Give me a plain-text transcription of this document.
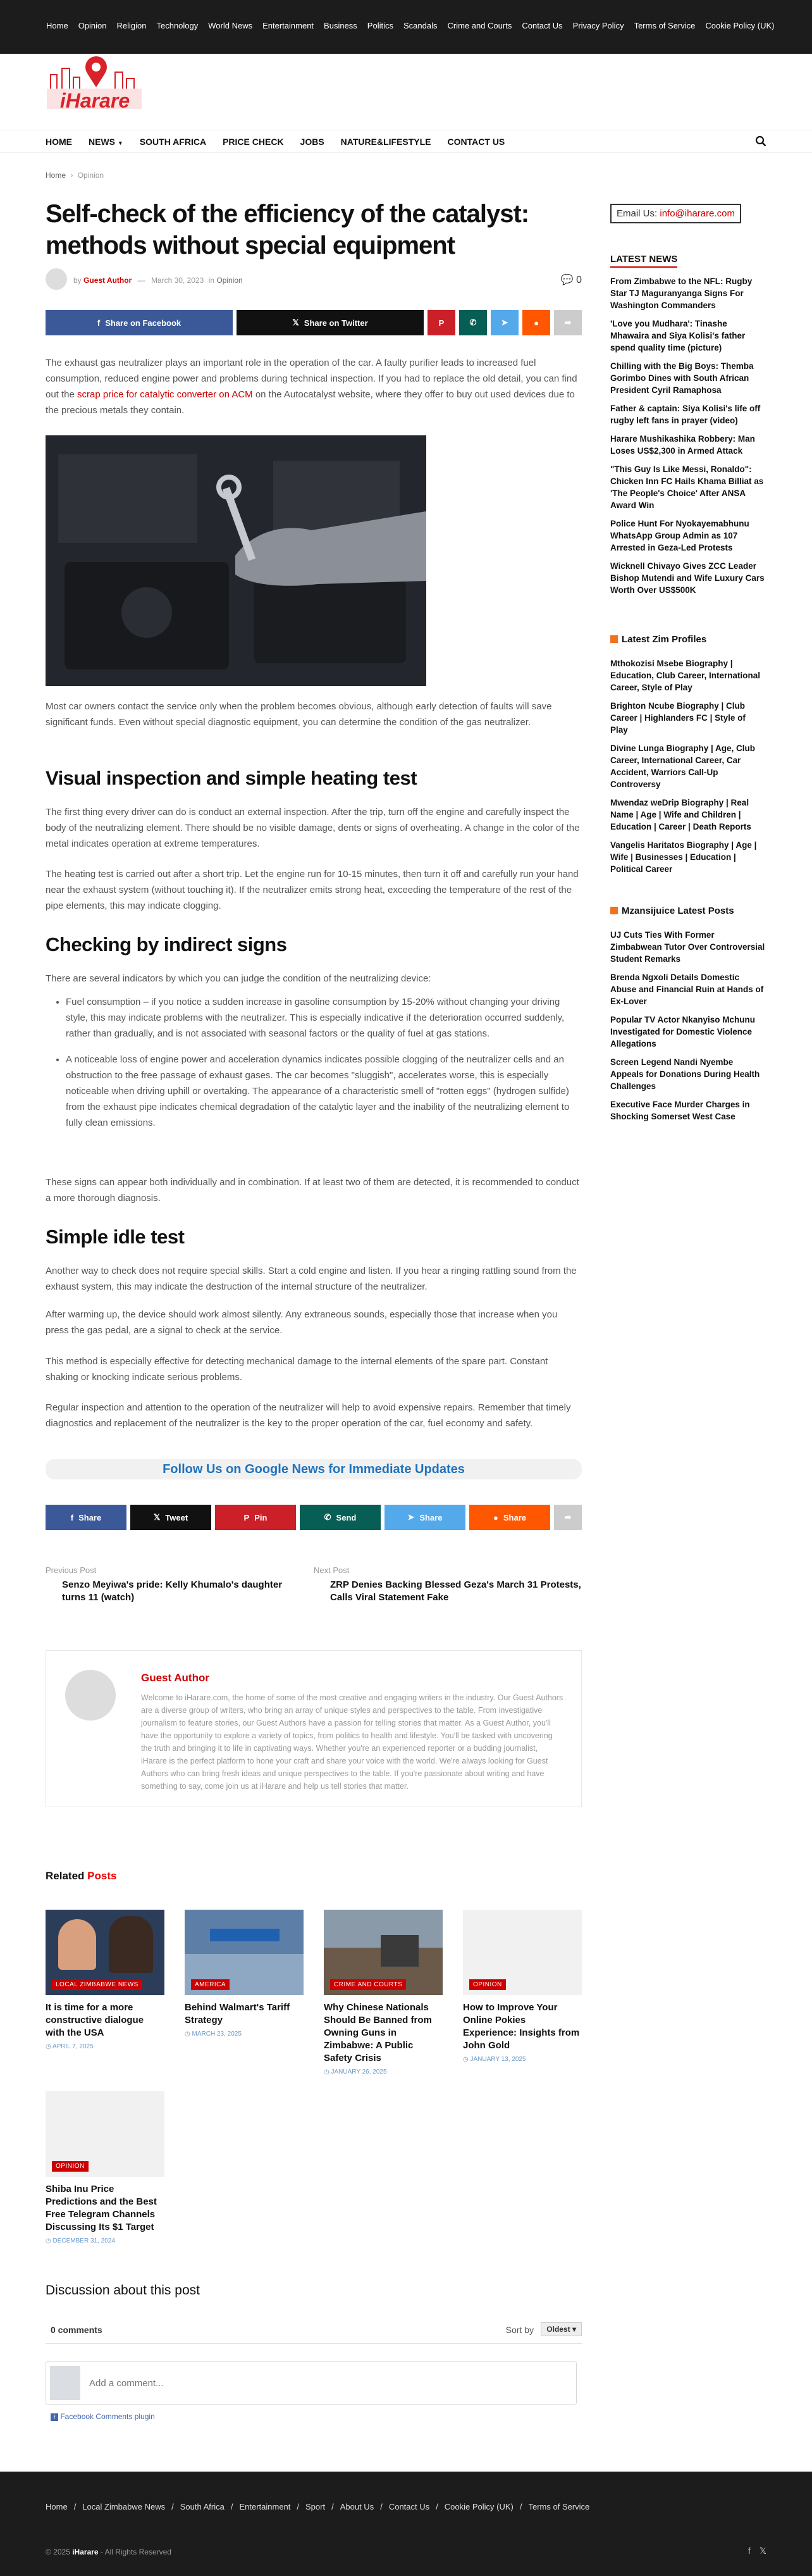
Home Opinion Religion Technology World News Entertainment Business Politics Scandals Crime and Courts Contact Us Privacy Policy Terms of Service Cookie Policy (UK)
iHarare
HOME NEWS ▼ SOUTH AFRICA PRICE CHECK JOBS NATURE&LIFESTYLE CONTACT US
Home › Opinion
Self-check of the efficiency of the catalyst: methods without special equipment
by Guest Author — March 30, 2023 in Opinion	💬 0
f Share on Facebook	𝕏 Share on Twitter	P	✆	➤	●	➦

The exhaust gas neutralizer plays an important role in the operation of the car. A faulty purifier leads to increased fuel consumption, reduced engine power and problems during technical inspection. If you had to replace the old detail, you can find out the scrap price for catalytic converter on ACM on the Autocatalyst website, where they offer to buy out used devices due to the precious metals they contain.

Most car owners contact the service only when the problem becomes obvious, although early detection of faults will save significant funds. Even without special diagnostic equipment, you can determine the condition of the gas neutralizer.

Visual inspection and simple heating test

The first thing every driver can do is conduct an external inspection. After the trip, turn off the engine and carefully inspect the body of the neutralizing element. There should be no visible damage, dents or signs of overheating. A change in the color of the metal indicates operation at extreme temperatures.

The heating test is carried out after a short trip. Let the engine run for 10-15 minutes, then turn it off and carefully run your hand near the exhaust system (without touching it). If the neutralizer emits strong heat, exceeding the temperature of the rest of the pipe elements, this may indicate clogging.

Checking by indirect signs

There are several indicators by which you can judge the condition of the neutralizing device:

• Fuel consumption – if you notice a sudden increase in gasoline consumption by 15-20% without changing your driving style, this may indicate problems with the neutralizer. This is especially indicative if the deterioration occurred suddenly, rather than gradually, and is not associated with seasonal factors or the quality of fuel at gas stations.
• A noticeable loss of engine power and acceleration dynamics indicates possible clogging of the neutralizer cells and an obstruction to the free passage of exhaust gases. The car becomes "sluggish", accelerates worse, this is especially noticeable when driving uphill or overtaking. The appearance of a characteristic smell of "rotten eggs" (hydrogen sulfide) from the exhaust pipe indicates chemical degradation of the catalytic layer and the inability of the neutralizing element to fully clean emissions.

These signs can appear both individually and in combination. If at least two of them are detected, it is recommended to conduct a more thorough diagnosis.

Simple idle test

Another way to check does not require special skills. Start a cold engine and listen. If you hear a ringing rattling sound from the exhaust system, this may indicate the destruction of the internal structure of the neutralizer.

After warming up, the device should work almost silently. Any extraneous sounds, especially those that increase when you press the gas pedal, are a signal to check at the service.

This method is especially effective for detecting mechanical damage to the internal elements of the spare part. Constant shaking or knocking indicate serious problems.

Regular inspection and attention to the operation of the neutralizer will help to avoid expensive repairs. Remember that timely diagnostics and replacement of the neutralizer is the key to the proper operation of the car, fuel economy and safety.

Follow Us on Google News for Immediate Updates
f Share	𝕏 Tweet	P Pin	✆ Send	➤ Share	● Share	➦
Previous Post
Senzo Meyiwa's pride: Kelly Khumalo's daughter turns 11 (watch)
Next Post
ZRP Denies Backing Blessed Geza's March 31 Protests, Calls Viral Statement Fake
Guest Author
Welcome to iHarare.com, the home of some of the most creative and engaging writers in the industry. Our Guest Authors are a diverse group of writers, who bring an array of unique styles and perspectives to the table. From investigative journalism to feature stories, our Guest Authors have a passion for telling stories that matter. As a Guest Author, you'll have the opportunity to explore a variety of topics, from politics to health and lifestyle. You'll be tasked with uncovering the truth and bringing it to life in captivating ways. Whether you're an experienced reporter or a budding journalist, iHarare is the perfect platform to hone your craft and share your voice with the world. We're always looking for Guest Authors who can bring fresh ideas and unique perspectives to the table. If you're passionate about writing and have something to say, come join us at iHarare and help us tell stories that matter.
Related Posts
LOCAL ZIMBABWE NEWS
It is time for a more constructive dialogue with the USA
◷ APRIL 7, 2025
AMERICA
Behind Walmart's Tariff Strategy
◷ MARCH 23, 2025
CRIME AND COURTS
Why Chinese Nationals Should Be Banned from Owning Guns in Zimbabwe: A Public Safety Crisis
◷ JANUARY 26, 2025
OPINION
How to Improve Your Online Pokies Experience: Insights from John Gold
◷ JANUARY 13, 2025
OPINION
Shiba Inu Price Predictions and the Best Free Telegram Channels Discussing Its $1 Target
◷ DECEMBER 31, 2024
Discussion about this post
0 comments	Sort by	Oldest ▾
Add a comment...
f Facebook Comments plugin
Email Us: info@iharare.com LATEST NEWS
From Zimbabwe to the NFL: Rugby Star TJ Maguranyanga Signs For Washington Commanders
'Love you Mudhara': Tinashe Mhawaira and Siya Kolisi's father spend quality time (picture)
Chilling with the Big Boys: Themba Gorimbo Dines with South African President Cyril Ramaphosa
Father & captain: Siya Kolisi's life off rugby left fans in prayer (video)
Harare Mushikashika Robbery: Man Loses US$2,300 in Armed Attack
"This Guy Is Like Messi, Ronaldo": Chicken Inn FC Hails Khama Billiat as 'The People's Choice' After ANSA Award Win
Police Hunt For Nyokayemabhunu WhatsApp Group Admin as 107 Arrested in Geza-Led Protests
Wicknell Chivayo Gives ZCC Leader Bishop Mutendi and Wife Luxury Cars Worth Over US$500K
Latest Zim Profiles
Mthokozisi Msebe Biography | Education, Club Career, International Career, Style of Play
Brighton Ncube Biography | Club Career | Highlanders FC | Style of Play
Divine Lunga Biography | Age, Club Career, International Career, Car Accident, Warriors Call-Up Controversy
Mwendaz weDrip Biography | Real Name | Age | Wife and Children | Education | Career | Death Reports
Vangelis Haritatos Biography | Age | Wife | Businesses | Education | Political Career
Mzansijuice Latest Posts
UJ Cuts Ties With Former Zimbabwean Tutor Over Controversial Student Remarks
Brenda Ngxoli Details Domestic Abuse and Financial Ruin at Hands of Ex-Lover
Popular TV Actor Nkanyiso Mchunu Investigated for Domestic Violence Allegations
Screen Legend Nandi Nyembe Appeals for Donations During Health Challenges
Executive Face Murder Charges in Shocking Somerset West Case
Home / Local Zimbabwe News / South Africa / Entertainment / Sport / About Us / Contact Us / Cookie Policy (UK) / Terms of Service
© 2025 iHarare - All Rights Reserved	f 𝕏
